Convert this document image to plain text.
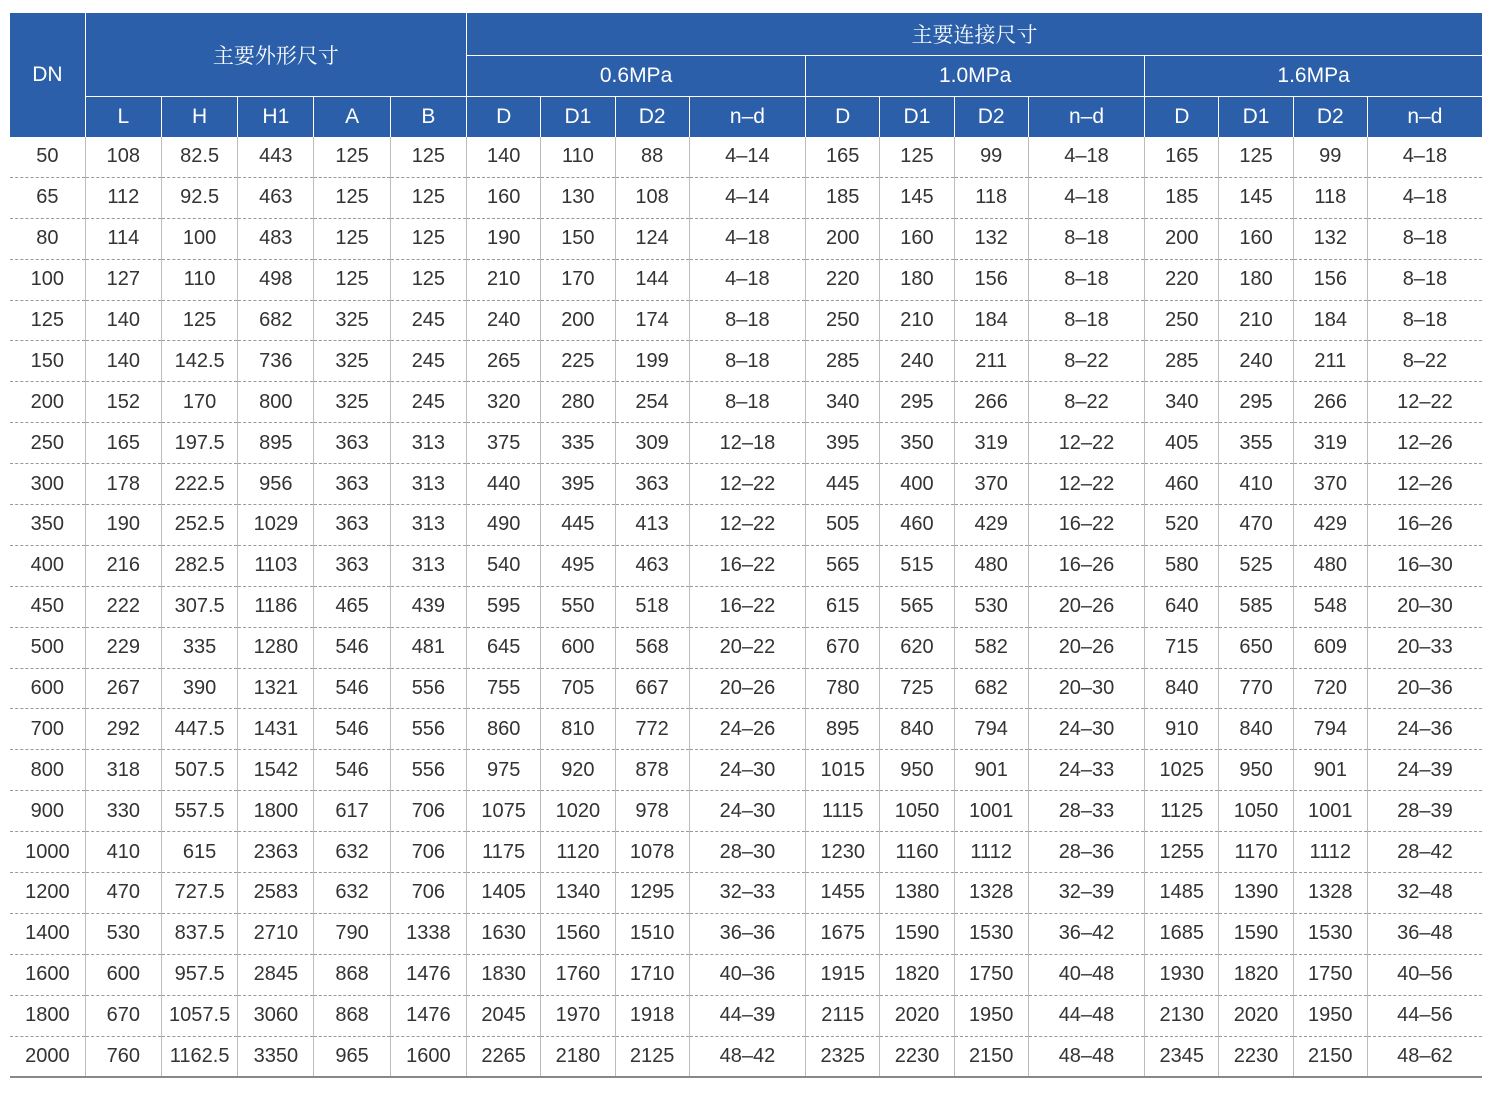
DN	主要外形尺寸					主要连接尺寸											
						0.6MPa				1.0MPa				1.6MPa			
	L	H	H1	A	B	D	D1	D2	n–d	D	D1	D2	n–d	D	D1	D2	n–d
50	108	82.5	443	125	125	140	110	88	4–14	165	125	99	4–18	165	125	99	4–18
65	112	92.5	463	125	125	160	130	108	4–14	185	145	118	4–18	185	145	118	4–18
80	114	100	483	125	125	190	150	124	4–18	200	160	132	8–18	200	160	132	8–18
100	127	110	498	125	125	210	170	144	4–18	220	180	156	8–18	220	180	156	8–18
125	140	125	682	325	245	240	200	174	8–18	250	210	184	8–18	250	210	184	8–18
150	140	142.5	736	325	245	265	225	199	8–18	285	240	211	8–22	285	240	211	8–22
200	152	170	800	325	245	320	280	254	8–18	340	295	266	8–22	340	295	266	12–22
250	165	197.5	895	363	313	375	335	309	12–18	395	350	319	12–22	405	355	319	12–26
300	178	222.5	956	363	313	440	395	363	12–22	445	400	370	12–22	460	410	370	12–26
350	190	252.5	1029	363	313	490	445	413	12–22	505	460	429	16–22	520	470	429	16–26
400	216	282.5	1103	363	313	540	495	463	16–22	565	515	480	16–26	580	525	480	16–30
450	222	307.5	1186	465	439	595	550	518	16–22	615	565	530	20–26	640	585	548	20–30
500	229	335	1280	546	481	645	600	568	20–22	670	620	582	20–26	715	650	609	20–33
600	267	390	1321	546	556	755	705	667	20–26	780	725	682	20–30	840	770	720	20–36
700	292	447.5	1431	546	556	860	810	772	24–26	895	840	794	24–30	910	840	794	24–36
800	318	507.5	1542	546	556	975	920	878	24–30	1015	950	901	24–33	1025	950	901	24–39
900	330	557.5	1800	617	706	1075	1020	978	24–30	1115	1050	1001	28–33	1125	1050	1001	28–39
1000	410	615	2363	632	706	1175	1120	1078	28–30	1230	1160	1112	28–36	1255	1170	1112	28–42
1200	470	727.5	2583	632	706	1405	1340	1295	32–33	1455	1380	1328	32–39	1485	1390	1328	32–48
1400	530	837.5	2710	790	1338	1630	1560	1510	36–36	1675	1590	1530	36–42	1685	1590	1530	36–48
1600	600	957.5	2845	868	1476	1830	1760	1710	40–36	1915	1820	1750	40–48	1930	1820	1750	40–56
1800	670	1057.5	3060	868	1476	2045	1970	1918	44–39	2115	2020	1950	44–48	2130	2020	1950	44–56
2000	760	1162.5	3350	965	1600	2265	2180	2125	48–42	2325	2230	2150	48–48	2345	2230	2150	48–62
